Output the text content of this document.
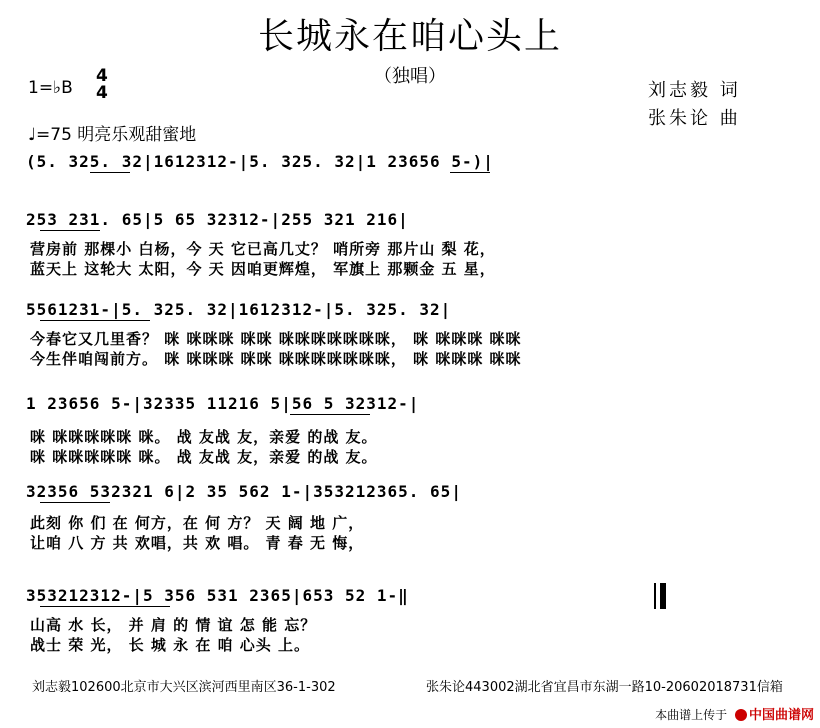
长城永在咱心头上
（独唱）
1=♭B
4
4	刘志毅 词
张朱论 曲
♩=75 明亮乐观甜蜜地
(5. 325. 32|1612312-|5. 325. 32|1 23656 5-)|
253 231. 65|5 65 32312-|255 321 216|
营房前 那棵小 白杨，今 天 它已高几丈？ 哨所旁 那片山 梨 花，
蓝天上 这轮大 太阳，今 天 因咱更辉煌， 军旗上 那颗金 五 星，
5561231-|5. 325. 32|1612312-|5. 325. 32|
今春它又几里香？ 咪 咪咪咪 咪咪 咪咪咪咪咪咪咪， 咪 咪咪咪 咪咪
今生伴咱闯前方。 咪 咪咪咪 咪咪 咪咪咪咪咪咪咪， 咪 咪咪咪 咪咪
1 23656 5-|32335 11216 5|56 5 32312-|
咪 咪咪咪咪咪 咪。 战 友战 友，亲爱 的战 友。
咪 咪咪咪咪咪 咪。 战 友战 友，亲爱 的战 友。
32356 532321 6|2 35 562 1-|353212365. 65|
此刻 你 们 在 何方，在 何 方？ 天 阔 地 广，
让咱 八 方 共 欢唱，共 欢 唱。 青 春 无 悔，
353212312-|5 356 531 2365|653 52 1-‖
山高 水 长， 并 肩 的 情 谊 怎 能 忘？
战士 荣 光， 长 城 永 在 咱 心头 上。
刘志毅102600北京市大兴区滨河西里南区36-1-302	张朱论443002湖北省宜昌市东湖一路10-20602018731信箱
本曲谱上传于 中国曲谱网
